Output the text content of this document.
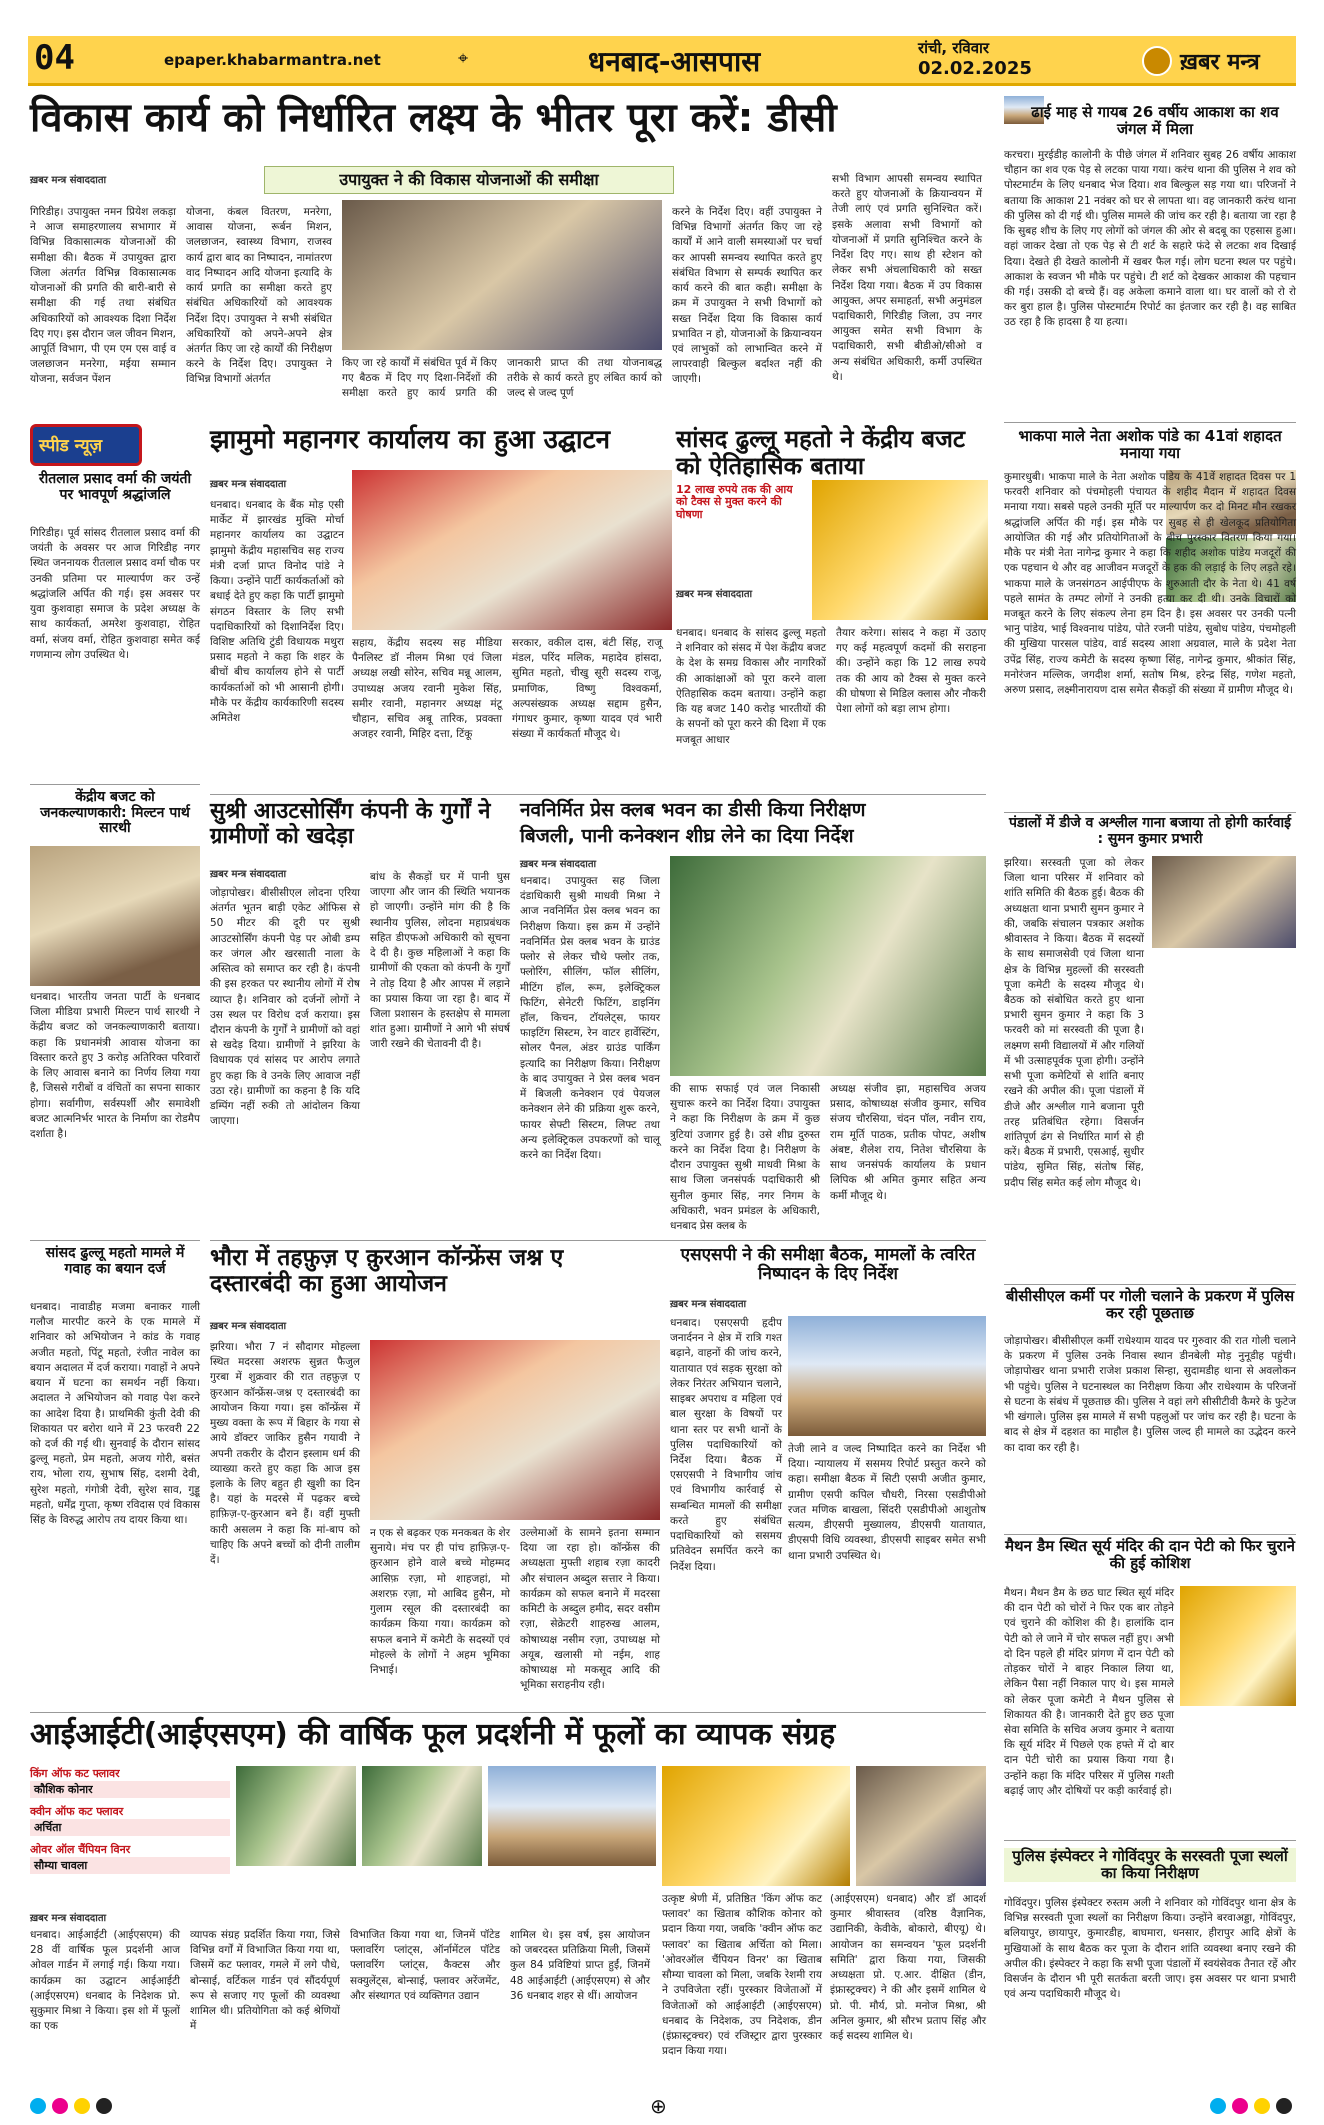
04	epaper.khabarmantra.net	⌖	धनबाद-आसपास	रांची, रविवार
02.02.2025	ख़बर मन्त्र
विकास कार्य को निर्धारित लक्ष्य के भीतर पूरा करें: डीसी
उपायुक्त ने की विकास योजनाओं की समीक्षा
ख़बर मन्त्र संवाददाता
गिरिडीह। उपायुक्त नमन प्रियेश लकड़ा ने आज समाहरणालय सभागार में विभिन्न विकासात्मक योजनाओं की समीक्षा की। बैठक में उपायुक्त द्वारा जिला अंतर्गत विभिन्न विकासात्मक योजनाओं की प्रगति की बारी-बारी से समीक्षा की गई तथा संबंधित अधिकारियों को आवश्यक दिशा निर्देश दिए गए। इस दौरान जल जीवन मिशन, आपूर्ति विभाग, पी एम एम एस वाई व जलछाजन मनरेगा, मईया सम्मान योजना, सर्वजन पेंशन
योजना, कंबल वितरण, मनरेगा, आवास योजना, रूर्बन मिशन, जलछाजन, स्वास्थ्य विभाग, राजस्व कार्य द्वारा बाद का निष्पादन, नामांतरण वाद निष्पादन आदि योजना इत्यादि के कार्य प्रगति का समीक्षा करते हुए संबंधित अधिकारियों को आवश्यक निर्देश दिए। उपायुक्त ने सभी संबंधित अधिकारियों को अपने-अपने क्षेत्र अंतर्गत किए जा रहे कार्यों की निरीक्षण करने के निर्देश दिए। उपायुक्त ने विभिन्न विभागों अंतर्गत
किए जा रहे कार्यों में संबंधित पूर्व में किए गए बैठक में दिए गए दिशा-निर्देशों की समीक्षा करते हुए कार्य प्रगति की जानकारी प्राप्त की तथा योजनाबद्ध तरीके से कार्य करते हुए लंबित कार्य को जल्द से जल्द पूर्ण
करने के निर्देश दिए। वहीं उपायुक्त ने विभिन्न विभागों अंतर्गत किए जा रहे कार्यों में आने वाली समस्याओं पर चर्चा कर आपसी समन्वय स्थापित करते हुए संबंधित विभाग से सम्पर्क स्थापित कर कार्य करने की बात कही। समीक्षा के क्रम में उपायुक्त ने सभी विभागों को सख्त निर्देश दिया कि विकास कार्य प्रभावित न हो, योजनाओं के क्रियान्वयन एवं लाभुकों को लाभान्वित करने में लापरवाही बिल्कुल बर्दाश्त नहीं की जाएगी।
सभी विभाग आपसी समन्वय स्थापित करते हुए योजनाओं के क्रियान्वयन में तेजी लाएं एवं प्रगति सुनिश्चित करें। इसके अलावा सभी विभागों को योजनाओं में प्रगति सुनिश्चित करने के निर्देश दिए गए। साथ ही स्टेशन को लेकर सभी अंचलाधिकारी को सख्त निर्देश दिया गया। बैठक में उप विकास आयुक्त, अपर समाहर्ता, सभी अनुमंडल पदाधिकारी, गिरिडीह जिला, उप नगर आयुक्त समेत सभी विभाग के पदाधिकारी, सभी बीडीओ/सीओ व अन्य संबंधित अधिकारी, कर्मी उपस्थित थे।
ढाई माह से गायब 26 वर्षीय आकाश का शव जंगल में मिला
करचरा। मुरईडीह कालोनी के पीछे जंगल में शनिवार सुबह 26 वर्षीय आकाश चौहान का शव एक पेड़ से लटका पाया गया। करंच थाना की पुलिस ने शव को पोस्टमार्टम के लिए धनबाद भेज दिया। शव बिल्कुल सड़ गया था। परिजनों ने बताया कि आकाश 21 नवंबर को घर से लापता था। वह जानकारी करंच थाना की पुलिस को दी गई थी। पुलिस मामले की जांच कर रही है। बताया जा रहा है कि सुबह शौच के लिए गए लोगों को जंगल की ओर से बदबू का एहसास हुआ। वहां जाकर देखा तो एक पेड़ से टी शर्ट के सहारे फंदे से लटका शव दिखाई दिया। देखते ही देखते कालोनी में खबर फैल गई। लोग घटना स्थल पर पहुंचे। आकाश के स्वजन भी मौके पर पहुंचे। टी शर्ट को देखकर आकाश की पहचान की गई। उसकी दो बच्चे हैं। वह अकेला कमाने वाला था। घर वालों को रो रो कर बुरा हाल है। पुलिस पोस्टमार्टम रिपोर्ट का इंतजार कर रही है। वह साबित उठ रहा है कि हादसा है या हत्या।
भाकपा माले नेता अशोक पांडे का 41वां शहादत मनाया गया
कुमारधुबी। भाकपा माले के नेता अशोक पांडेय के 41वें शहादत दिवस पर 1 फरवरी शनिवार को पंचमोहली पंचायत के शहीद मैदान में शहादत दिवस मनाया गया। सबसे पहले उनकी मूर्ति पर माल्यार्पण कर दो मिनट मौन रखकर श्रद्धांजलि अर्पित की गई। इस मौके पर सुबह से ही खेलकूद प्रतियोगिता आयोजित की गई और प्रतियोगिताओं के बीच पुरस्कार वितरण किया गया। मौके पर मंत्री नेता नागेन्द्र कुमार ने कहा कि शहीद अशोक पांडेय मजदूरों की एक पहचान थे और वह आजीवन मजदूरों के हक की लड़ाई के लिए लड़ते रहे। भाकपा माले के जनसंगठन आईपीएफ के शुरुआती दौर के नेता थे। 41 वर्ष पहले सामंत के तम्पट लोगों ने उनकी हत्या कर दी थी। उनके विचारों को मजबूत करने के लिए संकल्प लेना हम दिन है। इस अवसर पर उनकी पत्नी भानु पांडेय, भाई विश्वनाथ पांडेय, पोते रजनी पांडेय, सुबोध पांडेय, पंचमोहली की मुखिया पारसल पांडेय, वार्ड सदस्य आशा अग्रवाल, माले के प्रदेश नेता उपेंद्र सिंह, राज्य कमेटी के सदस्य कृष्णा सिंह, नागेन्द्र कुमार, श्रीकांत सिंह, मनोरंजन मल्लिक, जगदीश शर्मा, सतोष मिश्र, हरेन्द्र सिंह, गणेश महतो, अरुण प्रसाद, लक्ष्मीनारायण दास समेत सैकड़ों की संख्या में ग्रामीण मौजूद थे।
पंडालों में डीजे व अश्लील गाना बजाया तो होगी कार्रवाई : सुमन कुमार प्रभारी
झरिया। सरस्वती पूजा को लेकर जिला थाना परिसर में शनिवार को शांति समिति की बैठक हुई। बैठक की अध्यक्षता थाना प्रभारी सुमन कुमार ने की, जबकि संचालन पत्रकार अशोक श्रीवास्तव ने किया। बैठक में सदस्यों के साथ समाजसेवी एवं जिला थाना क्षेत्र के विभिन्न मुहल्लों की सरस्वती पूजा कमेटी के सदस्य मौजूद थे। बैठक को संबोधित करते हुए थाना प्रभारी सुमन कुमार ने कहा कि 3 फरवरी को मां सरस्वती की पूजा है। लक्ष्मण समी विद्यालयों में और गलियों में भी उत्साहपूर्वक पूजा होगी। उन्होंने सभी पूजा कमेटियों से शांति बनाए रखने की अपील की। पूजा पंडालों में डीजे और अश्लील गाने बजाना पूरी तरह प्रतिबंधित रहेगा। विसर्जन शांतिपूर्ण ढंग से निर्धारित मार्ग से ही करें। बैठक में प्रभारी, एसआई, सुधीर पांडेय, सुमित सिंह, संतोष सिंह, प्रदीप सिंह समेत कई लोग मौजूद थे।
बीसीसीएल कर्मी पर गोली चलाने के प्रकरण में पुलिस कर रही पूछताछ
जोड़ापोखर। बीसीसीएल कर्मी राधेश्याम यादव पर गुरुवार की रात गोली चलाने के प्रकरण में पुलिस उनके निवास स्थान डीनबेली मोड़ नुनूडीह पहुंची। जोड़ापोखर थाना प्रभारी राजेश प्रकाश सिन्हा, सुदामडीह थाना से अवलोकन भी पहुंचे। पुलिस ने घटनास्थल का निरीक्षण किया और राधेश्याम के परिजनों से घटना के संबंध में पूछताछ की। पुलिस ने वहां लगे सीसीटीवी कैमरे के फुटेज भी खंगाले। पुलिस इस मामले में सभी पहलुओं पर जांच कर रही है। घटना के बाद से क्षेत्र में दहशत का माहौल है। पुलिस जल्द ही मामले का उद्भेदन करने का दावा कर रही है।
मैथन डैम स्थित सूर्य मंदिर की दान पेटी को फिर चुराने की हुई कोशिश
मैथन। मैथन डैम के छठ घाट स्थित सूर्य मंदिर की दान पेटी को चोरों ने फिर एक बार तोड़ने एवं चुराने की कोशिश की है। हालांकि दान पेटी को ले जाने में चोर सफल नहीं हुए। अभी दो दिन पहले ही मंदिर प्रांगण में दान पेटी को तोड़कर चोरों ने बाहर निकाल लिया था, लेकिन पैसा नहीं निकाल पाए थे। इस मामले को लेकर पूजा कमेटी ने मैथन पुलिस से शिकायत की है। जानकारी देते हुए छठ पूजा सेवा समिति के सचिव अजय कुमार ने बताया कि सूर्य मंदिर में पिछले एक हफ्ते में दो बार दान पेटी चोरी का प्रयास किया गया है। उन्होंने कहा कि मंदिर परिसर में पुलिस गश्ती बढ़ाई जाए और दोषियों पर कड़ी कार्रवाई हो।
पुलिस इंस्पेक्टर ने गोविंदपुर के सरस्वती पूजा स्थलों का किया निरीक्षण
गोविंदपुर। पुलिस इंस्पेक्टर रुस्तम अली ने शनिवार को गोविंदपुर थाना क्षेत्र के विभिन्न सरस्वती पूजा स्थलों का निरीक्षण किया। उन्होंने बरवाअड्डा, गोविंदपुर, बलियापुर, छायापुर, कुमारडीह, बाघमारा, धनसार, हीरापुर आदि क्षेत्रों के मुखियाओं के साथ बैठक कर पूजा के दौरान शांति व्यवस्था बनाए रखने की अपील की। इंस्पेक्टर ने कहा कि सभी पूजा पंडालों में स्वयंसेवक तैनात रहें और विसर्जन के दौरान भी पूरी सतर्कता बरती जाए। इस अवसर पर थाना प्रभारी एवं अन्य पदाधिकारी मौजूद थे।
स्पीड न्यूज़
रीतलाल प्रसाद वर्मा की जयंती पर भावपूर्ण श्रद्धांजलि
गिरिडीह। पूर्व सांसद रीतलाल प्रसाद वर्मा की जयंती के अवसर पर आज गिरिडीह नगर स्थित जननायक रीतलाल प्रसाद वर्मा चौक पर उनकी प्रतिमा पर माल्यार्पण कर उन्हें श्रद्धांजलि अर्पित की गई। इस अवसर पर युवा कुशवाहा समाज के प्रदेश अध्यक्ष के साथ कार्यकर्ता, अमरेश कुशवाहा, रोहित वर्मा, संजय वर्मा, रोहित कुशवाहा समेत कई गणमान्य लोग उपस्थित थे।
केंद्रीय बजट को जनकल्याणकारी: मिल्टन पार्थ सारथी
धनबाद। भारतीय जनता पार्टी के धनबाद जिला मीडिया प्रभारी मिल्टन पार्थ सारथी ने केंद्रीय बजट को जनकल्याणकारी बताया। कहा कि प्रधानमंत्री आवास योजना का विस्तार करते हुए 3 करोड़ अतिरिक्त परिवारों के लिए आवास बनाने का निर्णय लिया गया है, जिससे गरीबों व वंचितों का सपना साकार होगा। सर्वागीण, सर्वस्पर्शी और समावेशी बजट आत्मनिर्भर भारत के निर्माण का रोडमैप दर्शाता है।
सांसद ढुल्लू महतो मामले में गवाह का बयान दर्ज
धनबाद। नावाडीह मजमा बनाकर गाली गलौज मारपीट करने के एक मामले में शनिवार को अभियोजन ने कांड के गवाह अजीत महतो, पिंटू महतो, रंजीत नावेल का बयान अदालत में दर्ज कराया। गवाहों ने अपने बयान में घटना का समर्थन नहीं किया। अदालत ने अभियोजन को गवाह पेश करने का आदेश दिया है। प्राथमिकी कुंती देवी की शिकायत पर बरोरा थाने में 23 फरवरी 22 को दर्ज की गई थी। सुनवाई के दौरान सांसद ढुल्लू महतो, प्रेम महतो, अजय गोरी, बसंत राय, भोला राय, सुभाष सिंह, दशमी देवी, सुरेश महतो, गंगोत्री देवी, सुरेश साव, गुड्डू महतो, धर्मेंद्र गुप्ता, कृष्ण रविदास एवं विकास सिंह के विरुद्ध आरोप तय दायर किया था।
झामुमो महानगर कार्यालय का हुआ उद्घाटन
ख़बर मन्त्र संवाददाता
धनबाद। धनबाद के बैंक मोड़ एसी मार्केट में झारखंड मुक्ति मोर्चा महानगर कार्यालय का उद्घाटन झामुमो केंद्रीय महासचिव सह राज्य मंत्री दर्जा प्राप्त विनोद पांडे ने किया। उन्होंने पार्टी कार्यकर्ताओं को बधाई देते हुए कहा कि पार्टी झामुमो संगठन विस्तार के लिए सभी पदाधिकारियों को दिशानिर्देश दिए। विशिष्ट अतिथि टुंडी विधायक मथुरा प्रसाद महतो ने कहा कि शहर के बीचों बीच कार्यालय होने से पार्टी कार्यकर्ताओं को भी आसानी होगी। मौके पर केंद्रीय कार्यकारिणी सदस्य अमितेश
सहाय, केंद्रीय सदस्य सह मीडिया पैनलिस्ट डॉ नीलम मिश्रा एवं जिला अध्यक्ष लखी सोरेन, सचिव मन्नू आलम, उपाध्यक्ष अजय रवानी मुकेश सिंह, समीर रवानी, महानगर अध्यक्ष मंटू चौहान, सचिव अबू तारिक, प्रवक्ता अजहर रवानी, मिहिर दत्ता, टिंकू
सरकार, वकील दास, बंटी सिंह, राजू मंडल, परिंद मलिक, महादेव हांसदा, सुमित महतो, चीखु सूरी सदस्य राजू, प्रमाणिक, विष्णु विश्वकर्मा, अल्पसंख्यक अध्यक्ष सद्दाम हुसैन, गंगाधर कुमार, कृष्णा यादव एवं भारी संख्या में कार्यकर्ता मौजूद थे।
सांसद ढुल्लू महतो ने केंद्रीय बजट को ऐतिहासिक बताया
12 लाख रुपये तक की आय को टैक्स से मुक्त करने की घोषणा
ख़बर मन्त्र संवाददाता
धनबाद। धनबाद के सांसद ढुल्लू महतो ने शनिवार को संसद में पेश केंद्रीय बजट के देश के समग्र विकास और नागरिकों की आकांक्षाओं को पूरा करने वाला ऐतिहासिक कदम बताया। उन्होंने कहा कि यह बजट 140 करोड़ भारतीयों की के सपनों को पूरा करने की दिशा में एक मजबूत आधार
तैयार करेगा। सांसद ने कहा में उठाए गए कई महत्वपूर्ण कदमों की सराहना की। उन्होंने कहा कि 12 लाख रुपये तक की आय को टैक्स से मुक्त करने की घोषणा से मिडिल क्लास और नौकरी पेशा लोगों को बड़ा लाभ होगा।
सुश्री आउटसोर्सिंग कंपनी के गुर्गों ने ग्रामीणों को खदेड़ा
ख़बर मन्त्र संवाददाता
जोड़ापोखर। बीसीसीएल लोदना एरिया अंतर्गत भूतन बाड़ी एकेट ऑफिस से 50 मीटर की दूरी पर सुश्री आउटसोर्सिंग कंपनी पेड़ पर ओबी डम्प कर जंगल और खरसाती नाला के अस्तित्व को समाप्त कर रही है। कंपनी की इस हरकत पर स्थानीय लोगों में रोष व्याप्त है। शनिवार को दर्जनों लोगों ने उस स्थल पर विरोध दर्ज कराया। इस दौरान कंपनी के गुर्गों ने ग्रामीणों को वहां से खदेड़ दिया। ग्रामीणों ने झरिया के विधायक एवं सांसद पर आरोप लगाते हुए कहा कि वे उनके लिए आवाज नहीं उठा रहे। ग्रामीणों का कहना है कि यदि डम्पिंग नहीं रुकी तो आंदोलन किया जाएगा।
बांध के सैकड़ों घर में पानी घुस जाएगा और जान की स्थिति भयानक हो जाएगी। उन्होंने मांग की है कि स्थानीय पुलिस, लोदना महाप्रबंधक सहित डीएफओ अधिकारी को सूचना दे दी है। कुछ महिलाओं ने कहा कि ग्रामीणों की एकता को कंपनी के गुर्गों ने तोड़ दिया है और आपस में लड़ाने का प्रयास किया जा रहा है। बाद में जिला प्रशासन के हस्तक्षेप से मामला शांत हुआ। ग्रामीणों ने आगे भी संघर्ष जारी रखने की चेतावनी दी है।
नवनिर्मित प्रेस क्लब भवन का डीसी किया निरीक्षण
बिजली, पानी कनेक्शन शीघ्र लेने का दिया निर्देश
ख़बर मन्त्र संवाददाता
धनबाद। उपायुक्त सह जिला दंडाधिकारी सुश्री माधवी मिश्रा ने आज नवनिर्मित प्रेस क्लब भवन का निरीक्षण किया। इस क्रम में उन्होंने नवनिर्मित प्रेस क्लब भवन के ग्राउंड फ्लोर से लेकर चौथे फ्लोर तक, फ्लोरिंग, सीलिंग, फॉल सीलिंग, मीटिंग हॉल, रूम, इलेक्ट्रिकल फिटिंग, सेनेटरी फिटिंग, डाइनिंग हॉल, किचन, टॉयलेट्स, फायर फाइटिंग सिस्टम, रेन वाटर हार्वेस्टिंग, सोलर पैनल, अंडर ग्राउंड पार्किंग इत्यादि का निरीक्षण किया। निरीक्षण के बाद उपायुक्त ने प्रेस क्लब भवन में बिजली कनेक्शन एवं पेयजल कनेक्शन लेने की प्रक्रिया शुरू करने, फायर सेफ्टी सिस्टम, लिफ्ट तथा अन्य इलेक्ट्रिकल उपकरणों को चालू करने का निर्देश दिया।
की साफ सफाई एवं जल निकासी सुचारू करने का निर्देश दिया। उपायुक्त ने कहा कि निरीक्षण के क्रम में कुछ त्रुटियां उजागर हुई है। उसे शीघ्र दुरुस्त करने का निर्देश दिया है। निरीक्षण के दौरान उपायुक्त सुश्री माधवी मिश्रा के साथ जिला जनसंपर्क पदाधिकारी श्री सुनील कुमार सिंह, नगर निगम के अधिकारी, भवन प्रमंडल के अधिकारी, धनबाद प्रेस क्लब के
अध्यक्ष संजीव झा, महासचिव अजय प्रसाद, कोषाध्यक्ष संजीव कुमार, सचिव संजय चौरसिया, चंदन पॉल, नवीन राय, राम मूर्ति पाठक, प्रतीक पोपट, अशीष अंबष्ट, शैलेश राय, नितेश चौरसिया के साथ जनसंपर्क कार्यालय के प्रधान लिपिक श्री अमित कुमार सहित अन्य कर्मी मौजूद थे।
भौरा में तहफ़ुज़ ए क़ुरआन कॉन्फ्रेंस जश्न ए दस्तारबंदी का हुआ आयोजन
ख़बर मन्त्र संवाददाता
झरिया। भौरा 7 नं सौदागर मोहल्ला स्थित मदरसा अशरफ सुन्नत फैजुल गुरबा में शुक्रवार की रात तहफ़ुज़ ए क़ुरआन कॉन्फ्रेंस-जश्न ए दस्तारबंदी का आयोजन किया गया। इस कॉन्फ्रेंस में मुख्य वक्ता के रूप में बिहार के गया से आये डॉक्टर जाकिर हुसैन गयावी ने अपनी तकरीर के दौरान इस्लाम धर्म की व्याख्या करते हुए कहा कि आज इस इलाके के लिए बहुत ही खुशी का दिन है। यहां के मदरसे में पढ़कर बच्चे हाफ़िज़-ए-क़ुरआन बने हैं। वहीं मुफ्ती कारी असलम ने कहा कि मां-बाप को चाहिए कि अपने बच्चों को दीनी तालीम दें।
न एक से बढ़कर एक मनकबत के शेर सुनाये। मंच पर ही पांच हाफ़िज़-ए-क़ुरआन होने वाले बच्चे मोहम्मद आसिफ़ रज़ा, मो शाहजहां, मो अशरफ़ रज़ा, मो आबिद हुसैन, मो गुलाम रसूल की दस्तारबंदी का कार्यक्रम किया गया। कार्यक्रम को सफल बनाने में कमेटी के सदस्यों एवं मोहल्ले के लोगों ने अहम भूमिका निभाई।
उल्लेमाओं के सामने इतना सम्मान दिया जा रहा हो। कॉन्फ्रेंस की अध्यक्षता मुफ्ती शहाब रज़ा कादरी और संचालन अब्दुल सत्तार ने किया। कार्यक्रम को सफल बनाने में मदरसा कमिटी के अब्दुल हमीद, सदर वसीम रज़ा, सेक्रेटरी शाहरुख आलम, कोषाध्यक्ष नसीम रज़ा, उपाध्यक्ष मो अयूब, खलासी मो नईम, शाह कोषाध्यक्ष मो मकसूद आदि की भूमिका सराहनीय रही।
एसएसपी ने की समीक्षा बैठक, मामलों के त्वरित निष्पादन के दिए निर्देश
ख़बर मन्त्र संवाददाता
धनबाद। एसएसपी हृदीप जनार्दनन ने क्षेत्र में रात्रि गश्त बढ़ाने, वाहनों की जांच करने, यातायात एवं सड़क सुरक्षा को लेकर निरंतर अभियान चलाने, साइबर अपराध व महिला एवं बाल सुरक्षा के विषयों पर थाना स्तर पर सभी थानों के पुलिस पदाधिकारियों को निर्देश दिया। बैठक में एसएसपी ने विभागीय जांच एवं विभागीय कार्रवाई से सम्बन्धित मामलों की समीक्षा करते हुए संबंधित पदाधिकारियों को ससमय प्रतिवेदन समर्पित करने का निर्देश दिया।
तेजी लाने व जल्द निष्पादित करने का निर्देश भी दिया। न्यायालय में ससमय रिपोर्ट प्रस्तुत करने को कहा। समीक्षा बैठक में सिटी एसपी अजीत कुमार, ग्रामीण एसपी कपिल चौधरी, निरसा एसडीपीओ रजत मणिक बाखला, सिंदरी एसडीपीओ आशुतोष सत्यम, डीएसपी मुख्यालय, डीएसपी यातायात, डीएसपी विधि व्यवस्था, डीएसपी साइबर समेत सभी थाना प्रभारी उपस्थित थे।
आईआईटी(आईएसएम) की वार्षिक फूल प्रदर्शनी में फूलों का व्यापक संग्रह
किंग ऑफ कट फ्लावर
कौशिक कोनार
क्वीन ऑफ कट फ्लावर
अर्चिता
ओवर ऑल चैंपियन विनर
सौम्या चावला
ख़बर मन्त्र संवाददाता
धनबाद। आईआईटी (आईएसएम) की 28 वीं वार्षिक फूल प्रदर्शनी आज ओवल गार्डन में लगाई गई। किया गया। कार्यक्रम का उद्घाटन आईआईटी (आईएसएम) धनबाद के निदेशक प्रो. सुकुमार मिश्रा ने किया। इस शो में फूलों का एक
व्यापक संग्रह प्रदर्शित किया गया, जिसे विभिन्न वर्गों में विभाजित किया गया था, जिसमें कट फ्लावर, गमले में लगे पौधे, बोन्साई, वर्टिकल गार्डन एवं सौंदर्यपूर्ण रूप से सजाए गए फूलों की व्यवस्था शामिल थी। प्रतियोगिता को कई श्रेणियों में
विभाजित किया गया था, जिनमें पॉटेड फ्लावरिंग प्लांट्स, ऑर्नामेंटल पॉटेड फ्लावरिंग प्लांट्स, कैक्टस और सक्युलेंट्स, बोन्साई, फ्लावर अरेंजमेंट, और संस्थागत एवं व्यक्तिगत उद्यान
शामिल थे। इस वर्ष, इस आयोजन को जबरदस्त प्रतिक्रिया मिली, जिसमें कुल 84 प्रविष्टियां प्राप्त हुईं, जिनमें 48 आईआईटी (आईएसएम) से और 36 धनबाद शहर से थीं। आयोजन
उत्कृष्ट श्रेणी में, प्रतिष्ठित 'किंग ऑफ कट फ्लावर' का खिताब कौशिक कोनार को प्रदान किया गया, जबकि 'क्वीन ऑफ कट फ्लावर' का खिताब अर्चिता को मिला। 'ओवरऑल चैंपियन विनर' का खिताब सौम्या चावला को मिला, जबकि रेशमी राय ने उपविजेता रहीं। पुरस्कार विजेताओं में विजेताओं को आईआईटी (आईएसएम) धनबाद के निदेशक, उप निदेशक, डीन (इंफ्रास्ट्रक्चर) एवं रजिस्ट्रार द्वारा पुरस्कार प्रदान किया गया।
(आईएसएम) धनबाद) और डॉ आदर्श कुमार श्रीवास्तव (वरिष्ठ वैज्ञानिक, उद्यानिकी, केवीके, बोकारो, बीएयू) थे। आयोजन का समन्वयन 'फूल प्रदर्शनी समिति' द्वारा किया गया, जिसकी अध्यक्षता प्रो. ए.आर. दीक्षित (डीन, इंफ्रास्ट्रक्चर) ने की और इसमें शामिल थे प्रो. पी. मौर्य, प्रो. मनोज मिश्रा, श्री अनिल कुमार, श्री सौरभ प्रताप सिंह और कई सदस्य शामिल थे।
⊕
